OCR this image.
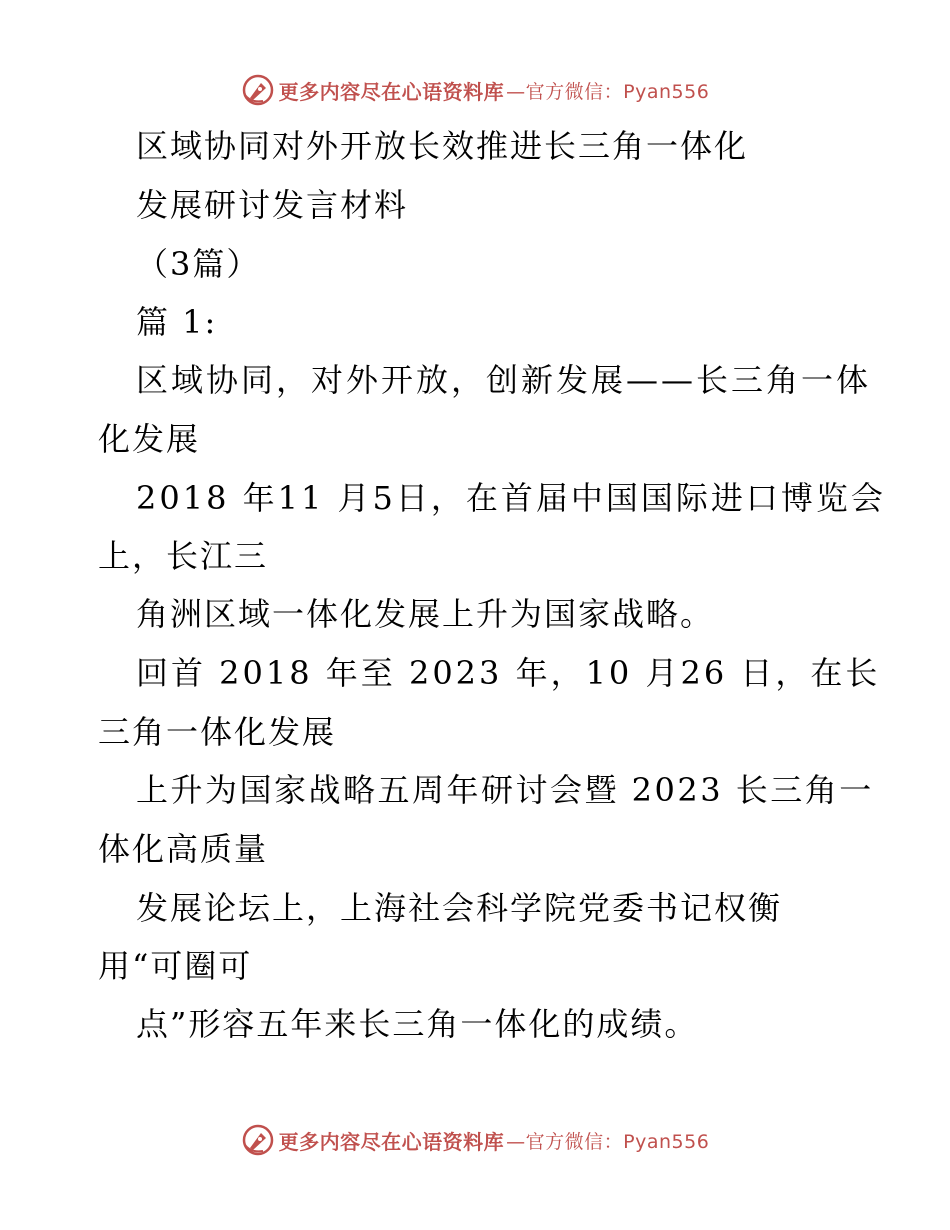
更多内容尽在心语资料库 —官方微信：Pyan556
区域协同对外开放长效推进长三角一体化
发展研讨发言材料
（3篇）
篇 1:
区域协同，对外开放，创新发展——长三角一体
化发展
2018 年11 月5日，在首届中国国际进口博览会
上，长江三
角洲区域一体化发展上升为国家战略。
回首 2018 年至 2023 年，10 月26 日，在长
三角一体化发展
上升为国家战略五周年研讨会暨 2023 长三角一
体化高质量
发展论坛上，上海社会科学院党委书记权衡
用“可圈可
点”形容五年来长三角一体化的成绩。
更多内容尽在心语资料库 —官方微信：Pyan556
